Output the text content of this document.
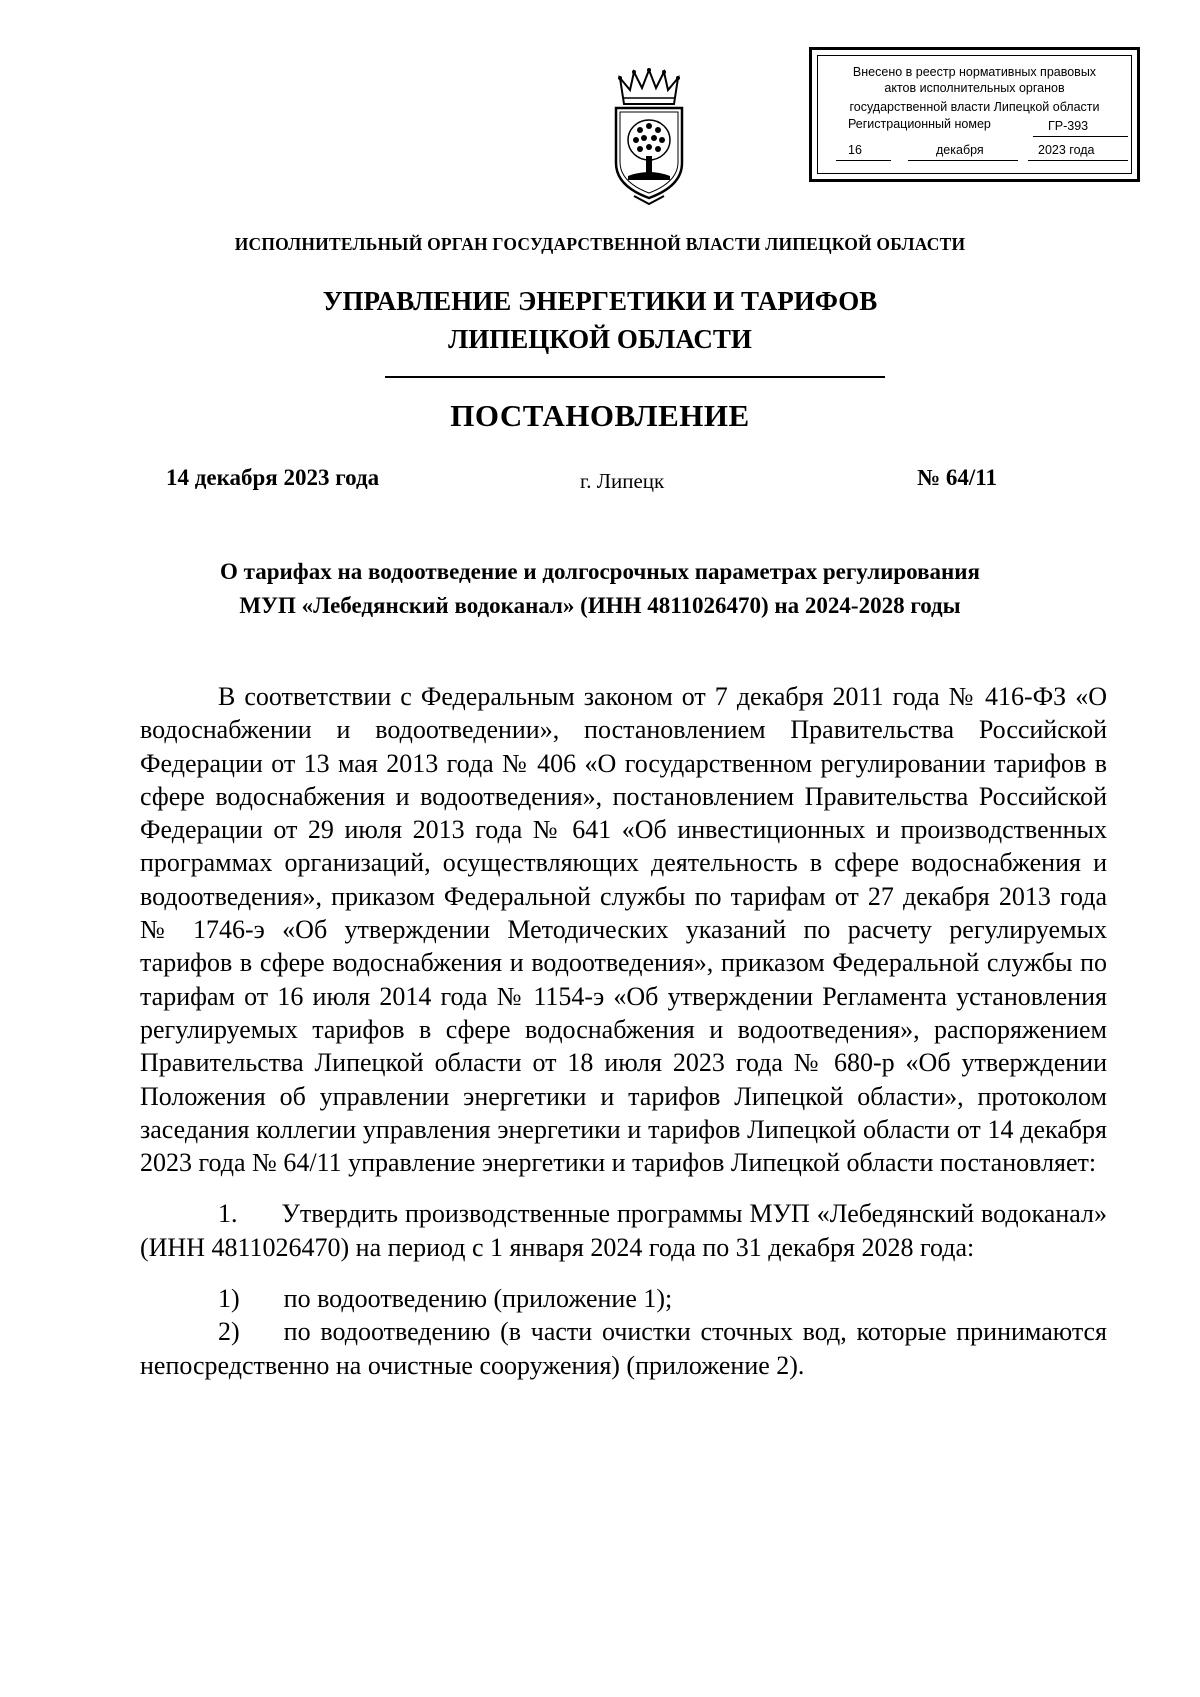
Внесено в реестр нормативных правовых
актов исполнительных органов
государственной власти Липецкой области
Регистрационный номер	ГР-393
16	декабря	2023 года
ИСПОЛНИТЕЛЬНЫЙ ОРГАН ГОСУДАРСТВЕННОЙ ВЛАСТИ ЛИПЕЦКОЙ ОБЛАСТИ
УПРАВЛЕНИЕ ЭНЕРГЕТИКИ И ТАРИФОВ
ЛИПЕЦКОЙ ОБЛАСТИ
ПОСТАНОВЛЕНИЕ
14 декабря 2023 года	г. Липецк	№ 64/11
О тарифах на водоотведение и долгосрочных параметрах регулирования
МУП «Лебедянский водоканал» (ИНН 4811026470) на 2024-2028 годы

В соответствии с Федеральным законом от 7 декабря 2011 года № 416-ФЗ «О водоснабжении и водоотведении», постановлением Правительства Российской Федерации от 13 мая 2013 года № 406 «О государственном регулировании тарифов в сфере водоснабжения и водоотведения», постановлением Правительства Российской Федерации от 29 июля 2013 года № 641 «Об инвестиционных и производственных программах организаций, осуществляющих деятельность в сфере водоснабжения и водоотведения», приказом Федеральной службы по тарифам от 27 декабря 2013 года № 1746-э «Об утверждении Методических указаний по расчету регулируемых тарифов в сфере водоснабжения и водоотведения», приказом Федеральной службы по тарифам от 16 июля 2014 года № 1154-э «Об утверждении Регламента установления регулируемых тарифов в сфере водоснабжения и водоотведения», распоряжением Правительства Липецкой области от 18 июля 2023 года № 680-р «Об утверждении Положения об управлении энергетики и тарифов Липецкой области», протоколом заседания коллегии управления энергетики и тарифов Липецкой области от 14 декабря 2023 года № 64/11 управление энергетики и тарифов Липецкой области постановляет:

1. Утвердить производственные программы МУП «Лебедянский водоканал» (ИНН 4811026470) на период с 1 января 2024 года по 31 декабря 2028 года:

1) по водоотведению (приложение 1);

2) по водоотведению (в части очистки сточных вод, которые принимаются непосредственно на очистные сооружения) (приложение 2).
